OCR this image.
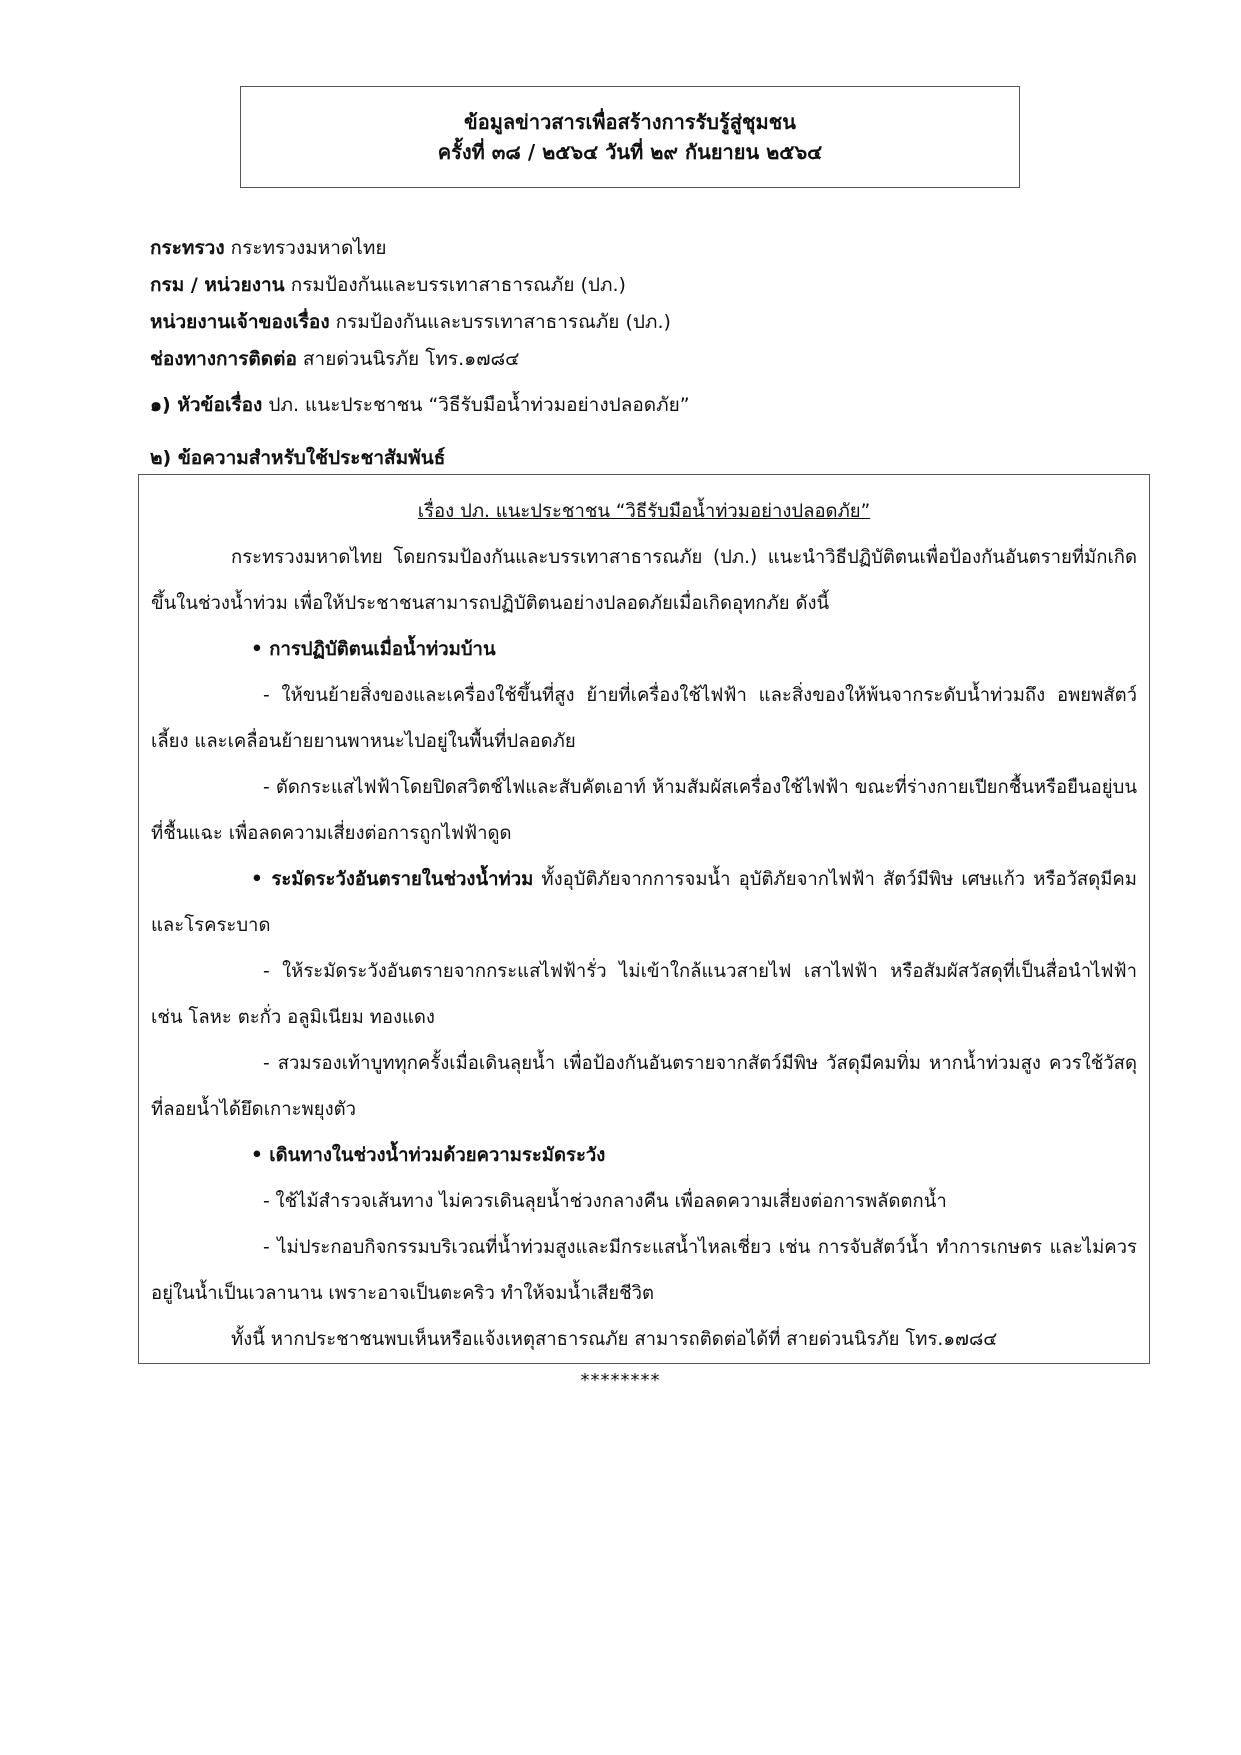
ข้อมูลข่าวสารเพื่อสร้างการรับรู้สู่ชุมชน
ครั้งที่ ๓๘ / ๒๕๖๔ วันที่ ๒๙ กันยายน ๒๕๖๔
กระทรวง กระทรวงมหาดไทย
กรม / หน่วยงาน กรมป้องกันและบรรเทาสาธารณภัย (ปภ.)
หน่วยงานเจ้าของเรื่อง กรมป้องกันและบรรเทาสาธารณภัย (ปภ.)
ช่องทางการติดต่อ สายด่วนนิรภัย โทร.๑๗๘๔
๑) หัวข้อเรื่อง ปภ. แนะประชาชน “วิธีรับมือน้ำท่วมอย่างปลอดภัย”
๒) ข้อความสำหรับใช้ประชาสัมพันธ์

เรื่อง ปภ. แนะประชาชน “วิธีรับมือน้ำท่วมอย่างปลอดภัย”

กระทรวงมหาดไทย โดยกรมป้องกันและบรรเทาสาธารณภัย (ปภ.) แนะนำวิธีปฏิบัติตนเพื่อป้องกันอันตรายที่มักเกิดขึ้นในช่วงน้ำท่วม เพื่อให้ประชาชนสามารถปฏิบัติตนอย่างปลอดภัยเมื่อเกิดอุทกภัย ดังนี้

• การปฏิบัติตนเมื่อน้ำท่วมบ้าน

- ให้ขนย้ายสิ่งของและเครื่องใช้ขึ้นที่สูง ย้ายที่เครื่องใช้ไฟฟ้า และสิ่งของให้พ้นจากระดับน้ำท่วมถึง อพยพสัตว์เลี้ยง และเคลื่อนย้ายยานพาหนะไปอยู่ในพื้นที่ปลอดภัย

- ตัดกระแสไฟฟ้าโดยปิดสวิตช์ไฟและสับคัตเอาท์ ห้ามสัมผัสเครื่องใช้ไฟฟ้า ขณะที่ร่างกายเปียกชื้นหรือยืนอยู่บนที่ชื้นแฉะ เพื่อลดความเสี่ยงต่อการถูกไฟฟ้าดูด

• ระมัดระวังอันตรายในช่วงน้ำท่วม ทั้งอุบัติภัยจากการจมน้ำ อุบัติภัยจากไฟฟ้า สัตว์มีพิษ เศษแก้ว หรือวัสดุมีคม และโรคระบาด

- ให้ระมัดระวังอันตรายจากกระแสไฟฟ้ารั่ว ไม่เข้าใกล้แนวสายไฟ เสาไฟฟ้า หรือสัมผัสวัสดุที่เป็นสื่อนำไฟฟ้า เช่น โลหะ ตะกั่ว อลูมิเนียม ทองแดง

- สวมรองเท้าบูททุกครั้งเมื่อเดินลุยน้ำ เพื่อป้องกันอันตรายจากสัตว์มีพิษ วัสดุมีคมทิ่ม หากน้ำท่วมสูง ควรใช้วัสดุที่ลอยน้ำได้ยึดเกาะพยุงตัว

• เดินทางในช่วงน้ำท่วมด้วยความระมัดระวัง

- ใช้ไม้สำรวจเส้นทาง ไม่ควรเดินลุยน้ำช่วงกลางคืน เพื่อลดความเสี่ยงต่อการพลัดตกน้ำ

- ไม่ประกอบกิจกรรมบริเวณที่น้ำท่วมสูงและมีกระแสน้ำไหลเชี่ยว เช่น การจับสัตว์น้ำ ทำการเกษตร และไม่ควรอยู่ในน้ำเป็นเวลานาน เพราะอาจเป็นตะคริว ทำให้จมน้ำเสียชีวิต

ทั้งนี้ หากประชาชนพบเห็นหรือแจ้งเหตุสาธารณภัย สามารถติดต่อได้ที่ สายด่วนนิรภัย โทร.๑๗๘๔

********
